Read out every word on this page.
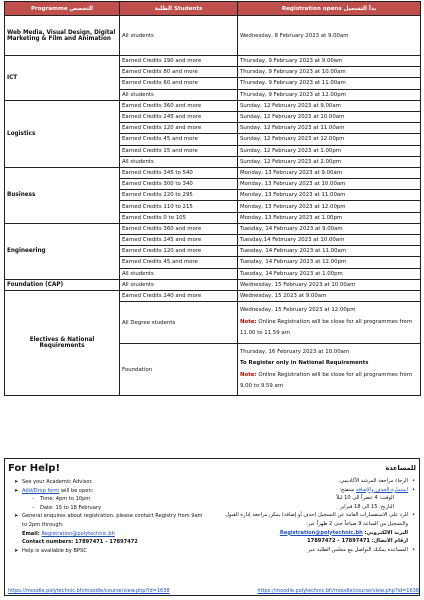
Programme التخصص	الطلبة Students	Registration opens بدأ التسجيل
Web Media, Visual Design, Digital Marketing & Film and Animation	All students	Wednesday, 8 February 2023 at 9.00am
ICT	Earned Credits 190 and more	Thursday, 9 February 2023 at 9.00am
	Earned Credits 80 and more	Thursday, 9 February 2023 at 10.00am
	Earned Credits 60 and more	Thursday, 9 February 2023 at 11.00am
	All students	Thursday, 9 February 2023 at 12.00pm
Logistics	Earned Credits 360 and more	Sunday, 12 February 2023 at 9.00am
	Earned Credits 245 and more	Sunday, 12 February 2023 at 10.00am
	Earned Credits 120 and more	Sunday, 12 February 2023 at 11.00am
	Earned Credits 45 and more	Sunday, 12 February 2023 at 12.00pm
	Earned Credits 15 and more	Sunday, 12 February 2023 at 1.00pm
	All students	Sunday, 12 February 2023 at 2.00pm
Business	Earned Credits 345 to 540	Monday, 13 February 2023 at 9.00am
	Earned Credits 300 to 340	Monday, 13 February 2023 at 10.00am
	Earned Credits 220 to 295	Monday, 13 February 2023 at 11.00am
	Earned Credits 110 to 215	Monday, 13 February 2023 at 12.00pm
	Earned Credits 0 to 105	Monday, 13 February 2023 at 1.00pm
Engineering	Earned Credits 360 and more	Tuesday, 14 February 2023 at 9.00am
	Earned Credits 245 and more	Tuesday,14 February 2023 at 10.00am
	Earned Credits 120 and more	Tuesday, 14 February 2023 at 11.00am
	Earned Credits 45 and more	Tuesday, 14 February 2023 at 12.00pm
	All students	Tuesday, 14 February 2023 at 1.00pm
Foundation (CAP)	All students	Wednesday, 15 February 2023 at 10.00am
Electives & National Requirements	Earned Credits 240 and more	Wednesday, 15 2023 at 9.00am
	All Degree students	Wednesday, 15 February 2023 at 12.00pm
Note: Online Registration will be close for all programmes from 11.00 to 11.59 am
	Foundation	Thursday, 16 February 2023 at 10.00am
To Register only in National Requirements
Note: Online Registration will be close for all programmes from 9.00 to 9.59 am
For Help!
➤ See your Academic Advisor.
➤ Add/Drop form will be open:
- Time: 4pm to 10pm
- Date: 15 to 18 February
➤ General enquires about registration, please contact Registry from 9am to 2pm through:
Email: Registration@polytechnic.bh
Contact numbers: 17897471 – 17897472
➤ Help is available by BPSC
https://moodle.polytechnic.bh/moodle/course/view.php?id=1638
للمساعدة
•
الرجاء مراجعة المرشد الأكاديمي.
•
استمارة الحذف والإضافة ستفتح:
الوقت: 4 عصراً الى 10 ليلاً
التاريخ: 15 الى 18 فبراير
•
للرد على الاستفسارات العامة عن التسجيل (حذف أو إضافة) يمكن مراجعة إدارة القبول والتسجيل من الساعة 9 صباحاً حتى 2 ظهراً عبر:
البريد الالكتروني: Registration@polytechnic.bh
ارقام الاتصال: 17897471 – 17897472
•
المساعدة يمكنك التواصل مع مجلس الطلبة عبر
https://moodle.polytechnic.bh/moodle/course/view.php?id=1638
